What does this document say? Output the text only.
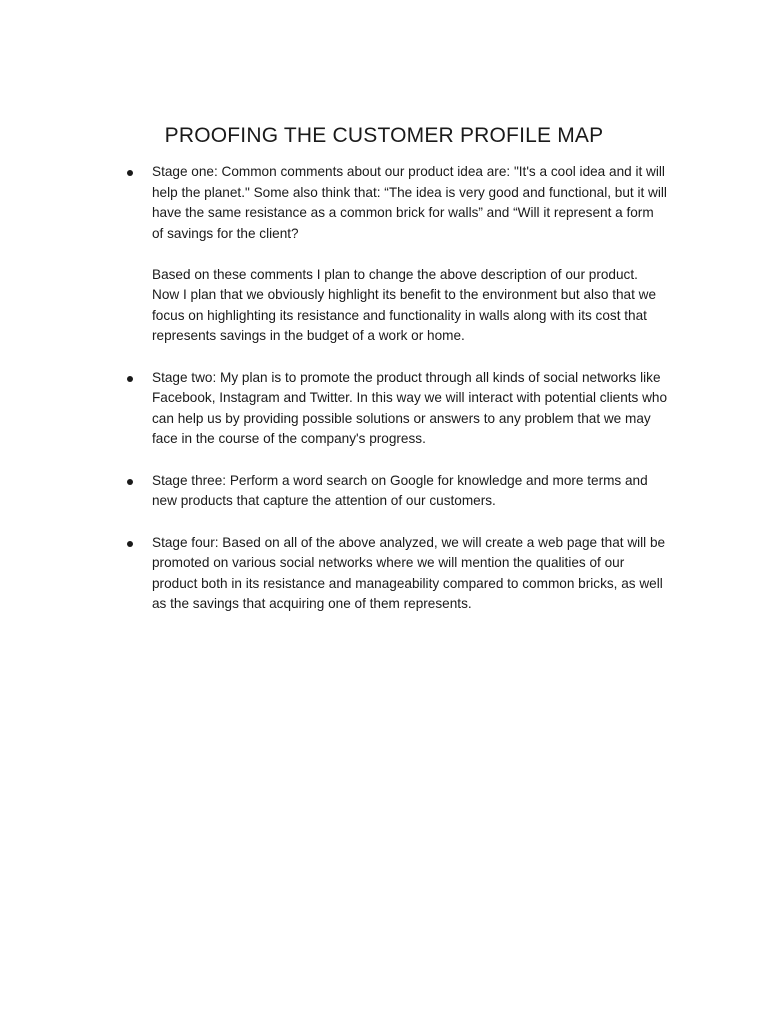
PROOFING THE CUSTOMER PROFILE MAP

Stage one: Common comments about our product idea are: "It's a cool idea and it will help the planet." Some also think that: “The idea is very good and functional, but it will have the same resistance as a common brick for walls” and “Will it represent a form of savings for the client?

Based on these comments I plan to change the above description of our product. Now I plan that we obviously highlight its benefit to the environment but also that we focus on highlighting its resistance and functionality in walls along with its cost that represents savings in the budget of a work or home.

Stage two: My plan is to promote the product through all kinds of social networks like Facebook, Instagram and Twitter. In this way we will interact with potential clients who can help us by providing possible solutions or answers to any problem that we may face in the course of the company's progress.

Stage three: Perform a word search on Google for knowledge and more terms and new products that capture the attention of our customers.

Stage four: Based on all of the above analyzed, we will create a web page that will be promoted on various social networks where we will mention the qualities of our product both in its resistance and manageability compared to common bricks, as well as the savings that acquiring one of them represents.
